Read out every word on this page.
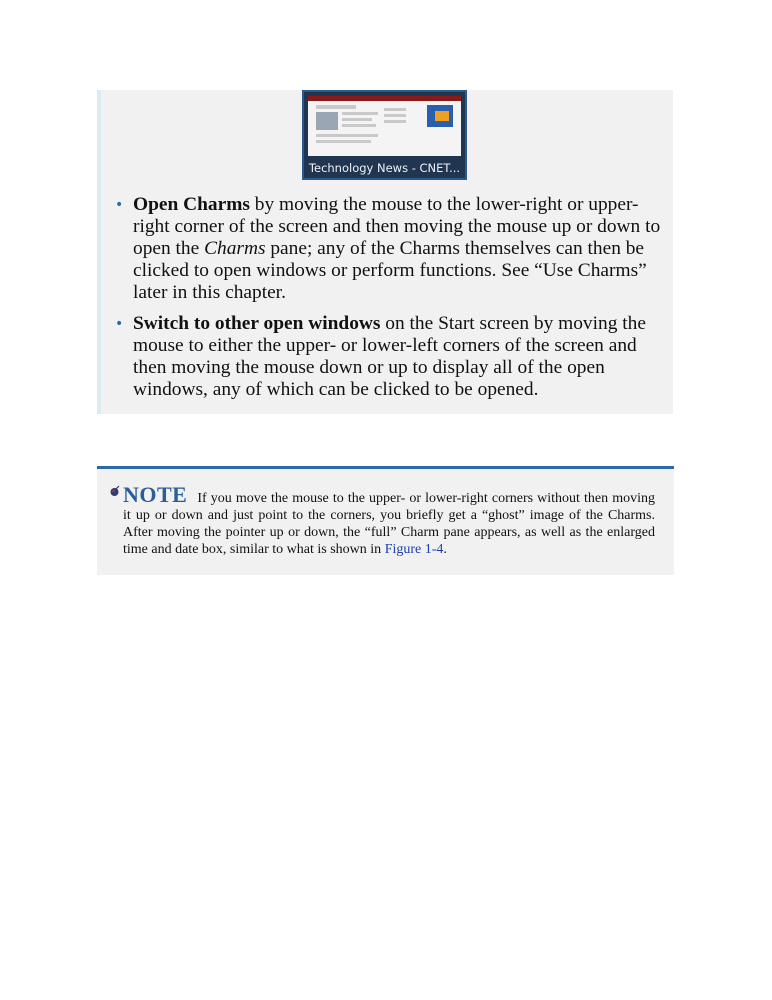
Technology News - CNET...
• Open Charms by moving the mouse to the lower-right or upper-right corner of the screen and then moving the mouse up or down to open the Charms pane; any of the Charms themselves can then be clicked to open windows or perform functions. See “Use Charms” later in this chapter.
• Switch to other open windows on the Start screen by moving the mouse to either the upper- or lower-left corners of the screen and then moving the mouse down or up to display all of the open windows, any of which can be clicked to be opened.
NOTE If you move the mouse to the upper- or lower-right corners without then moving it up or down and just point to the corners, you briefly get a “ghost” image of the Charms. After moving the pointer up or down, the “full” Charm pane appears, as well as the enlarged time and date box, similar to what is shown in Figure 1-4.
